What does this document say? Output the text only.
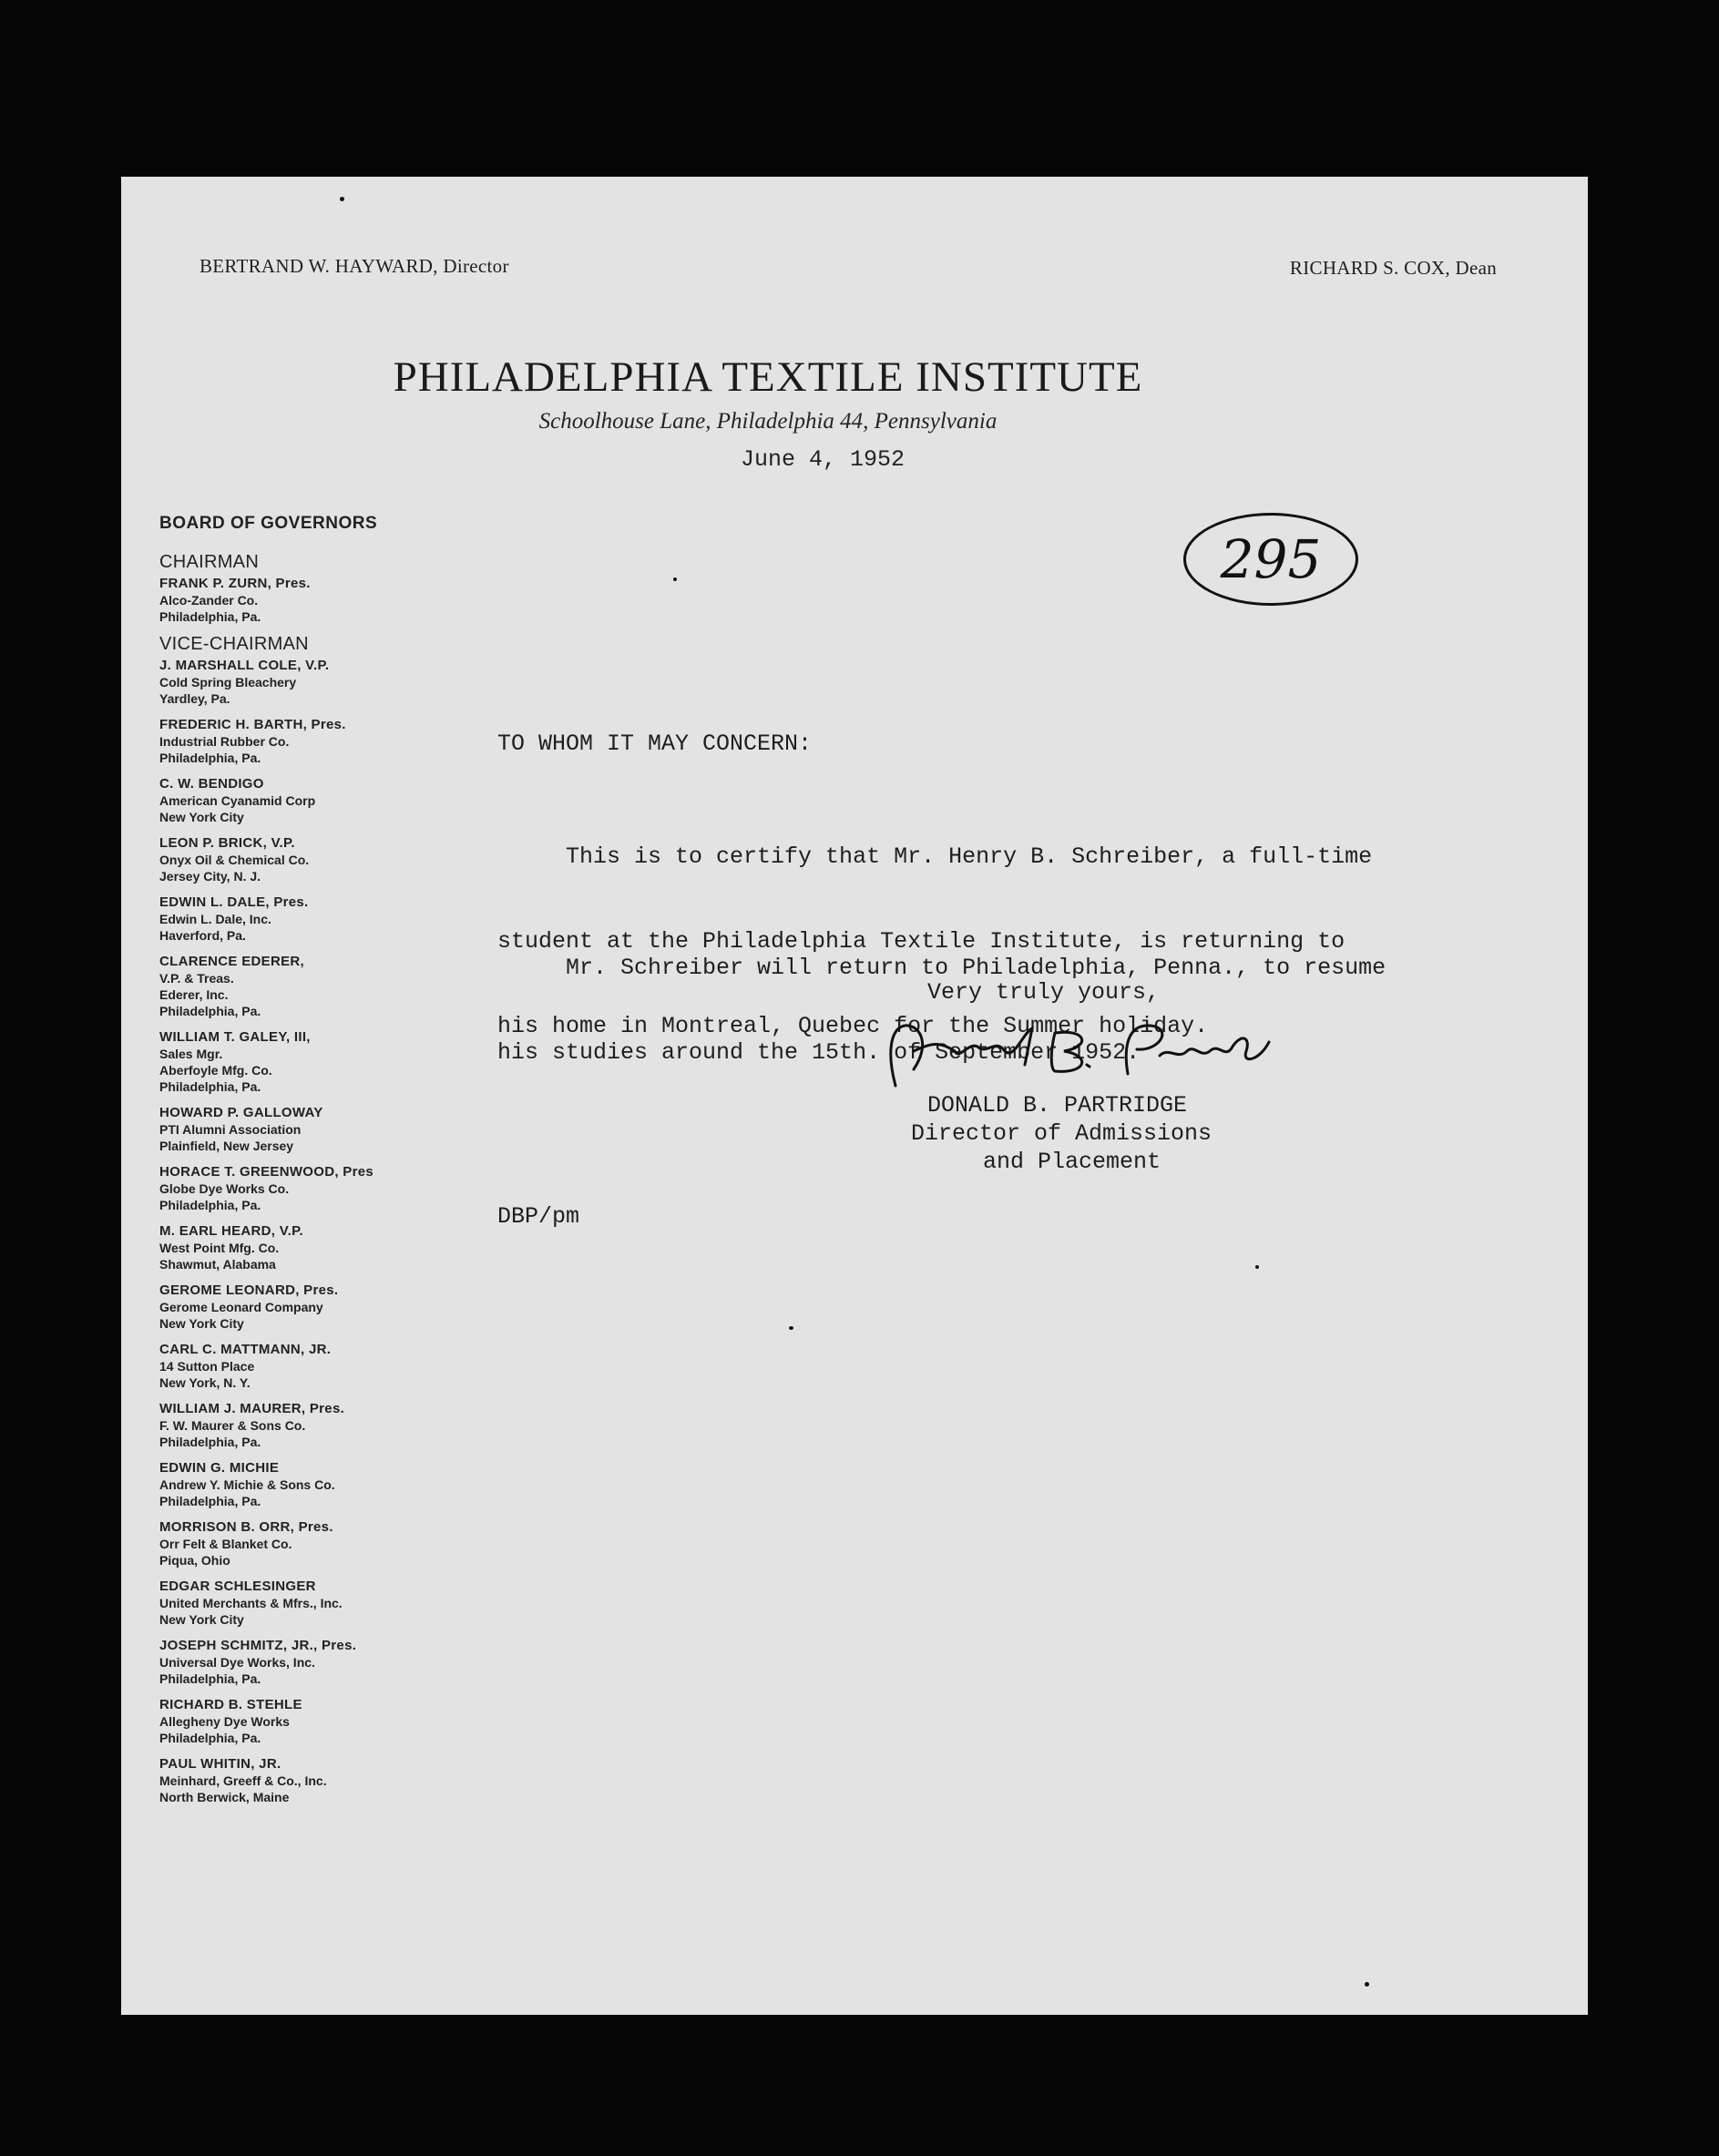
BERTRAND W. HAYWARD, Director	RICHARD S. COX, Dean
PHILADELPHIA TEXTILE INSTITUTE
Schoolhouse Lane, Philadelphia 44, Pennsylvania
June 4, 1952
295
BOARD OF GOVERNORS
CHAIRMAN
FRANK P. ZURN, Pres.
Alco-Zander Co.
Philadelphia, Pa.
VICE-CHAIRMAN
J. MARSHALL COLE, V.P.
Cold Spring Bleachery
Yardley, Pa.
FREDERIC H. BARTH, Pres.
Industrial Rubber Co.
Philadelphia, Pa.
C. W. BENDIGO
American Cyanamid Corp
New York City
LEON P. BRICK, V.P.
Onyx Oil & Chemical Co.
Jersey City, N. J.
EDWIN L. DALE, Pres.
Edwin L. Dale, Inc.
Haverford, Pa.
CLARENCE EDERER,
V.P. & Treas.
Ederer, Inc.
Philadelphia, Pa.
WILLIAM T. GALEY, III,
Sales Mgr.
Aberfoyle Mfg. Co.
Philadelphia, Pa.
HOWARD P. GALLOWAY
PTI Alumni Association
Plainfield, New Jersey
HORACE T. GREENWOOD, Pres
Globe Dye Works Co.
Philadelphia, Pa.
M. EARL HEARD, V.P.
West Point Mfg. Co.
Shawmut, Alabama
GEROME LEONARD, Pres.
Gerome Leonard Company
New York City
CARL C. MATTMANN, JR.
14 Sutton Place
New York, N. Y.
WILLIAM J. MAURER, Pres.
F. W. Maurer & Sons Co.
Philadelphia, Pa.
EDWIN G. MICHIE
Andrew Y. Michie & Sons Co.
Philadelphia, Pa.
MORRISON B. ORR, Pres.
Orr Felt & Blanket Co.
Piqua, Ohio
EDGAR SCHLESINGER
United Merchants & Mfrs., Inc.
New York City
JOSEPH SCHMITZ, JR., Pres.
Universal Dye Works, Inc.
Philadelphia, Pa.
RICHARD B. STEHLE
Allegheny Dye Works
Philadelphia, Pa.
PAUL WHITIN, JR.
Meinhard, Greeff & Co., Inc.
North Berwick, Maine
TO WHOM IT MAY CONCERN:

This is to certify that Mr. Henry B. Schreiber, a full-time

student at the Philadelphia Textile Institute, is returning to

his home in Montreal, Quebec for the Summer holiday.

Mr. Schreiber will return to Philadelphia, Penna., to resume

his studies around the 15th. of September 1952.

Very truly yours,
DONALD B. PARTRIDGE
Director of Admissions
and Placement
DBP/pm
